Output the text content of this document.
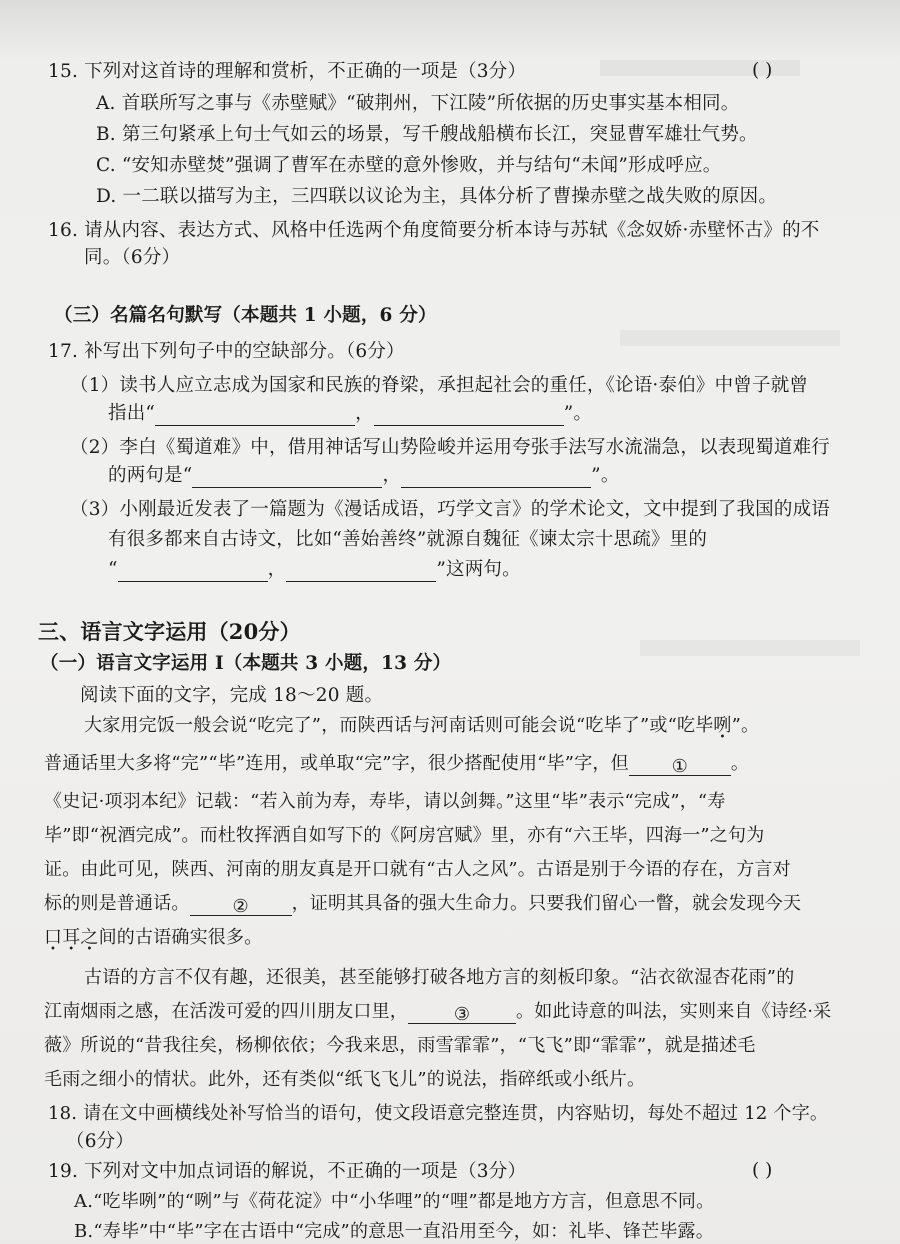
15. 下列对这首诗的理解和赏析，不正确的一项是（3分）	( )
A. 首联所写之事与《赤壁赋》“破荆州，下江陵”所依据的历史事实基本相同。
B. 第三句紧承上句士气如云的场景，写千艘战船横布长江，突显曹军雄壮气势。
C. “安知赤壁焚”强调了曹军在赤壁的意外惨败，并与结句“未闻”形成呼应。
D. 一二联以描写为主，三四联以议论为主，具体分析了曹操赤壁之战失败的原因。
16. 请从内容、表达方式、风格中任选两个角度简要分析本诗与苏轼《念奴娇·赤壁怀古》的不
同。（6分）
（三）名篇名句默写（本题共 1 小题，6 分）
17. 补写出下列句子中的空缺部分。（6分）
（1）读书人应立志成为国家和民族的脊梁，承担起社会的重任，《论语·泰伯》中曾子就曾
指出“	，	”。
（2）李白《蜀道难》中，借用神话写山势险峻并运用夸张手法写水流湍急，以表现蜀道难行
的两句是“	，	”。
（3）小刚最近发表了一篇题为《漫话成语，巧学文言》的学术论文，文中提到了我国的成语
有很多都来自古诗文，比如“善始善终”就源自魏征《谏太宗十思疏》里的
“	，	”这两句。
三、语言文字运用（20分）
（一）语言文字运用 I（本题共 3 小题，13 分）
阅读下面的文字，完成 18～20 题。
大家用完饭一般会说“吃完了”，而陕西话与河南话则可能会说“吃毕了”或“吃毕咧”。
普通话里大多将“完”“毕”连用，或单取“完”字，很少搭配使用“毕”字，但 ① 。
《史记·项羽本纪》记载：“若入前为寿，寿毕，请以剑舞。”这里“毕”表示“完成”，“寿
毕”即“祝酒完成”。而杜牧挥洒自如写下的《阿房宫赋》里，亦有“六王毕，四海一”之句为
证。由此可见，陕西、河南的朋友真是开口就有“古人之风”。古语是别于今语的存在，方言对
标的则是普通话。 ② ，证明其具备的强大生命力。只要我们留心一瞥，就会发现今天
口耳之间的古语确实很多。
古语的方言不仅有趣，还很美，甚至能够打破各地方言的刻板印象。“沾衣欲湿杏花雨”的
江南烟雨之感，在活泼可爱的四川朋友口里，	③	。如此诗意的叫法，实则来自《诗经·采
薇》所说的“昔我往矣，杨柳依依；今我来思，雨雪霏霏”，“飞飞”即“霏霏”，就是描述毛
毛雨之细小的情状。此外，还有类似“纸飞飞儿”的说法，指碎纸或小纸片。
18. 请在文中画横线处补写恰当的语句，使文段语意完整连贯，内容贴切，每处不超过 12 个字。
（6分）
19. 下列对文中加点词语的解说，不正确的一项是（3分）	( )
A.“吃毕咧”的“咧”与《荷花淀》中“小华哩”的“哩”都是地方方言，但意思不同。
B.“寿毕”中“毕”字在古语中“完成”的意思一直沿用至今，如：礼毕、锋芒毕露。
